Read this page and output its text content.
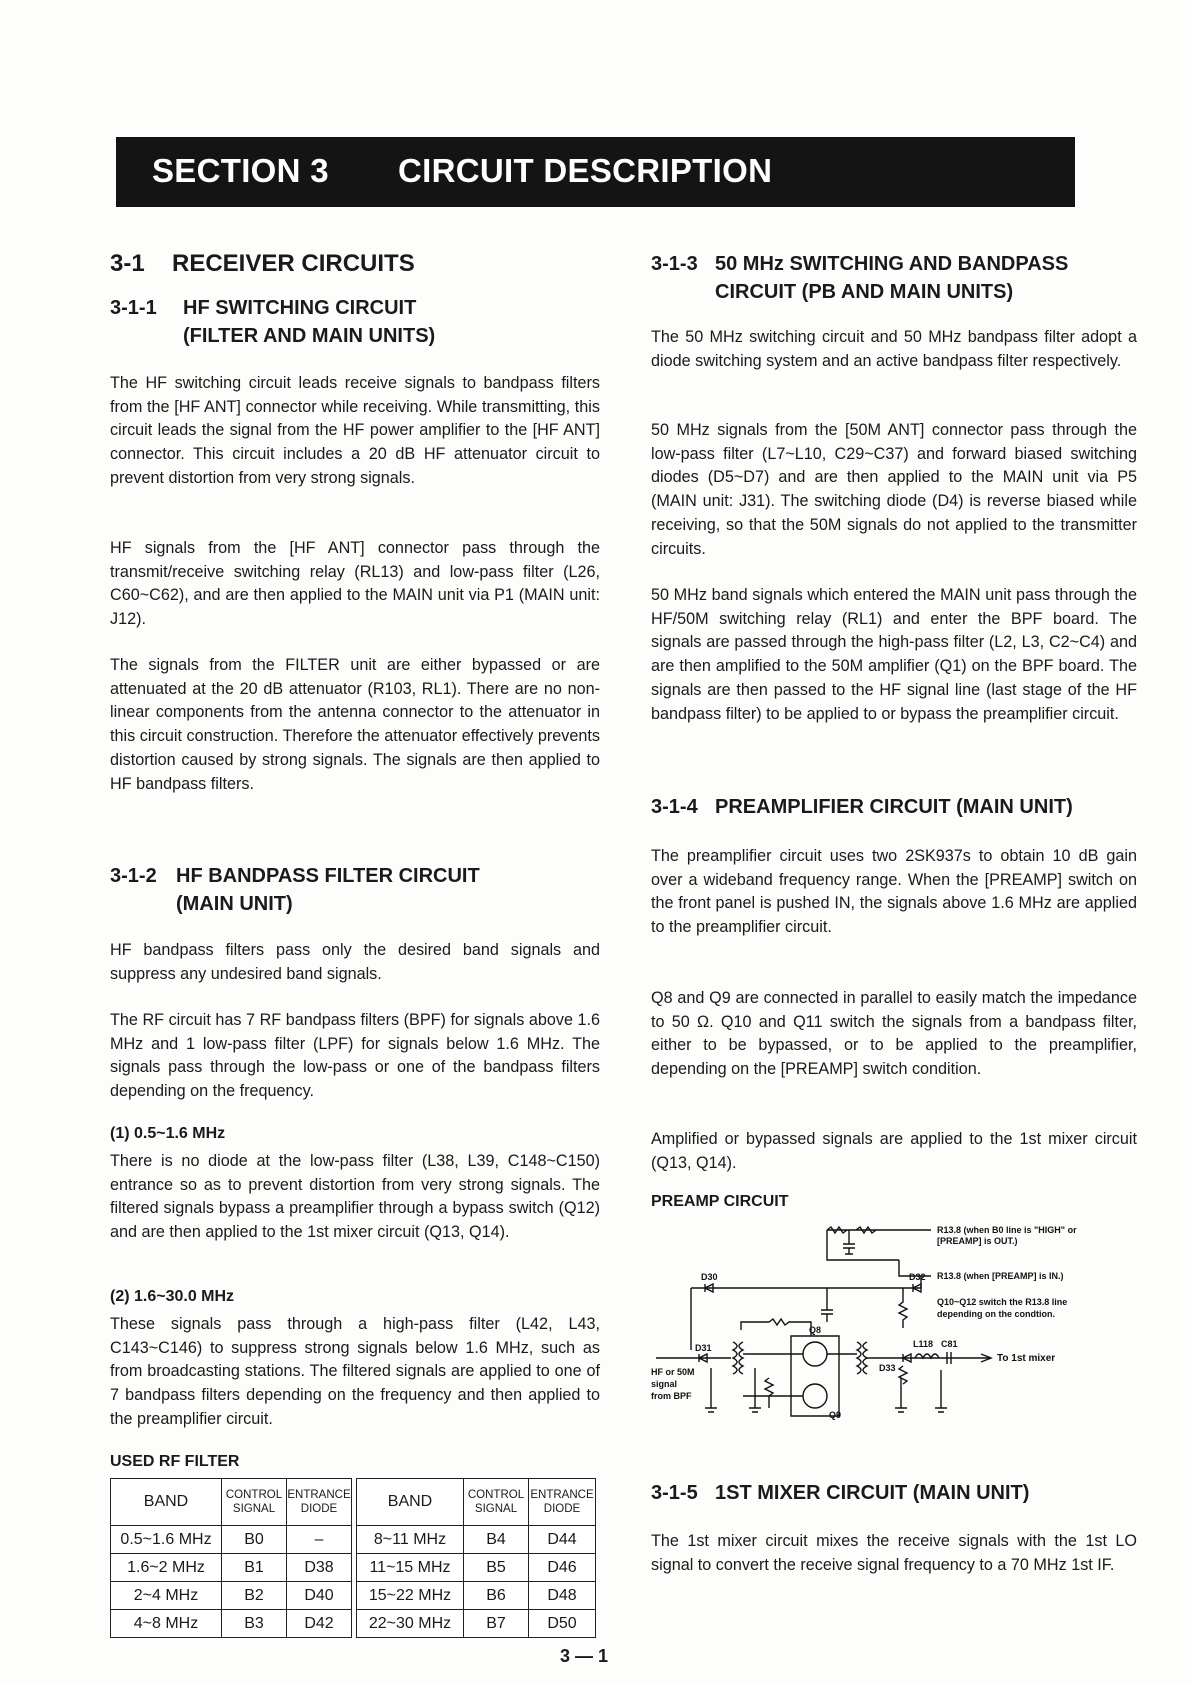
SECTION 3 CIRCUIT DESCRIPTION
3-1 RECEIVER CIRCUITS
3-1-1 HF SWITCHING CIRCUIT
(FILTER AND MAIN UNITS)

The HF switching circuit leads receive signals to bandpass filters from the [HF ANT] connector while receiving. While transmitting, this circuit leads the signal from the HF power amplifier to the [HF ANT] connector. This circuit includes a 20 dB HF attenuator circuit to prevent distortion from very strong signals.

HF signals from the [HF ANT] connector pass through the transmit/receive switching relay (RL13) and low-pass filter (L26, C60~C62), and are then applied to the MAIN unit via P1 (MAIN unit: J12).

The signals from the FILTER unit are either bypassed or are attenuated at the 20 dB attenuator (R103, RL1). There are no non-linear components from the antenna connector to the attenuator in this circuit construction. Therefore the attenuator effectively prevents distortion caused by strong signals. The signals are then applied to HF bandpass filters.

3-1-2 HF BANDPASS FILTER CIRCUIT
(MAIN UNIT)

HF bandpass filters pass only the desired band signals and suppress any undesired band signals.

The RF circuit has 7 RF bandpass filters (BPF) for signals above 1.6 MHz and 1 low-pass filter (LPF) for signals below 1.6 MHz. The signals pass through the low-pass or one of the bandpass filters depending on the frequency.

(1) 0.5~1.6 MHz

There is no diode at the low-pass filter (L38, L39, C148~C150) entrance so as to prevent distortion from very strong signals. The filtered signals bypass a preamplifier through a bypass switch (Q12) and are then applied to the 1st mixer circuit (Q13, Q14).

(2) 1.6~30.0 MHz

These signals pass through a high-pass filter (L42, L43, C143~C146) to suppress strong signals below 1.6 MHz, such as from broadcasting stations. The filtered signals are applied to one of 7 bandpass filters depending on the frequency and then applied to the preamplifier circuit.

USED RF FILTER
BAND	CONTROL SIGNAL	ENTRANCE DIODE		BAND	CONTROL SIGNAL	ENTRANCE DIODE
0.5~1.6 MHz	B0	–		8~11 MHz	B4	D44
1.6~2 MHz	B1	D38		11~15 MHz	B5	D46
2~4 MHz	B2	D40		15~22 MHz	B6	D48
4~8 MHz	B3	D42		22~30 MHz	B7	D50
3-1-3 50 MHz SWITCHING AND BANDPASS
CIRCUIT (PB AND MAIN UNITS)

The 50 MHz switching circuit and 50 MHz bandpass filter adopt a diode switching system and an active bandpass filter respectively.

50 MHz signals from the [50M ANT] connector pass through the low-pass filter (L7~L10, C29~C37) and forward biased switching diodes (D5~D7) and are then applied to the MAIN unit via P5 (MAIN unit: J31). The switching diode (D4) is reverse biased while receiving, so that the 50M signals do not applied to the transmitter circuits.

50 MHz band signals which entered the MAIN unit pass through the HF/50M switching relay (RL1) and enter the BPF board. The signals are passed through the high-pass filter (L2, L3, C2~C4) and are then amplified to the 50M amplifier (Q1) on the BPF board. The signals are then passed to the HF signal line (last stage of the HF bandpass filter) to be applied to or bypass the preamplifier circuit.

3-1-4 PREAMPLIFIER CIRCUIT (MAIN UNIT)

The preamplifier circuit uses two 2SK937s to obtain 10 dB gain over a wideband frequency range. When the [PREAMP] switch on the front panel is pushed IN, the signals above 1.6 MHz are applied to the preamplifier circuit.

Q8 and Q9 are connected in parallel to easily match the impedance to 50 Ω. Q10 and Q11 switch the signals from a bandpass filter, either to be bypassed, or to be applied to the preamplifier, depending on the [PREAMP] switch condition.

Amplified or bypassed signals are applied to the 1st mixer circuit (Q13, Q14).

PREAMP CIRCUIT
3-1-5 1ST MIXER CIRCUIT (MAIN UNIT)

The 1st mixer circuit mixes the receive signals with the 1st LO signal to convert the receive signal frequency to a 70 MHz 1st IF.

R13.8 (when B0 line is "HIGH" or
[PREAMP] is OUT.)
R13.8 (when [PREAMP] is IN.)
Q10~Q12 switch the R13.8 line
depending on the condtion.
D30	D32
D31
Q8
Q9
L118 C81
D33
To 1st mixer
HF or 50M
signal
from BPF
3 — 1
